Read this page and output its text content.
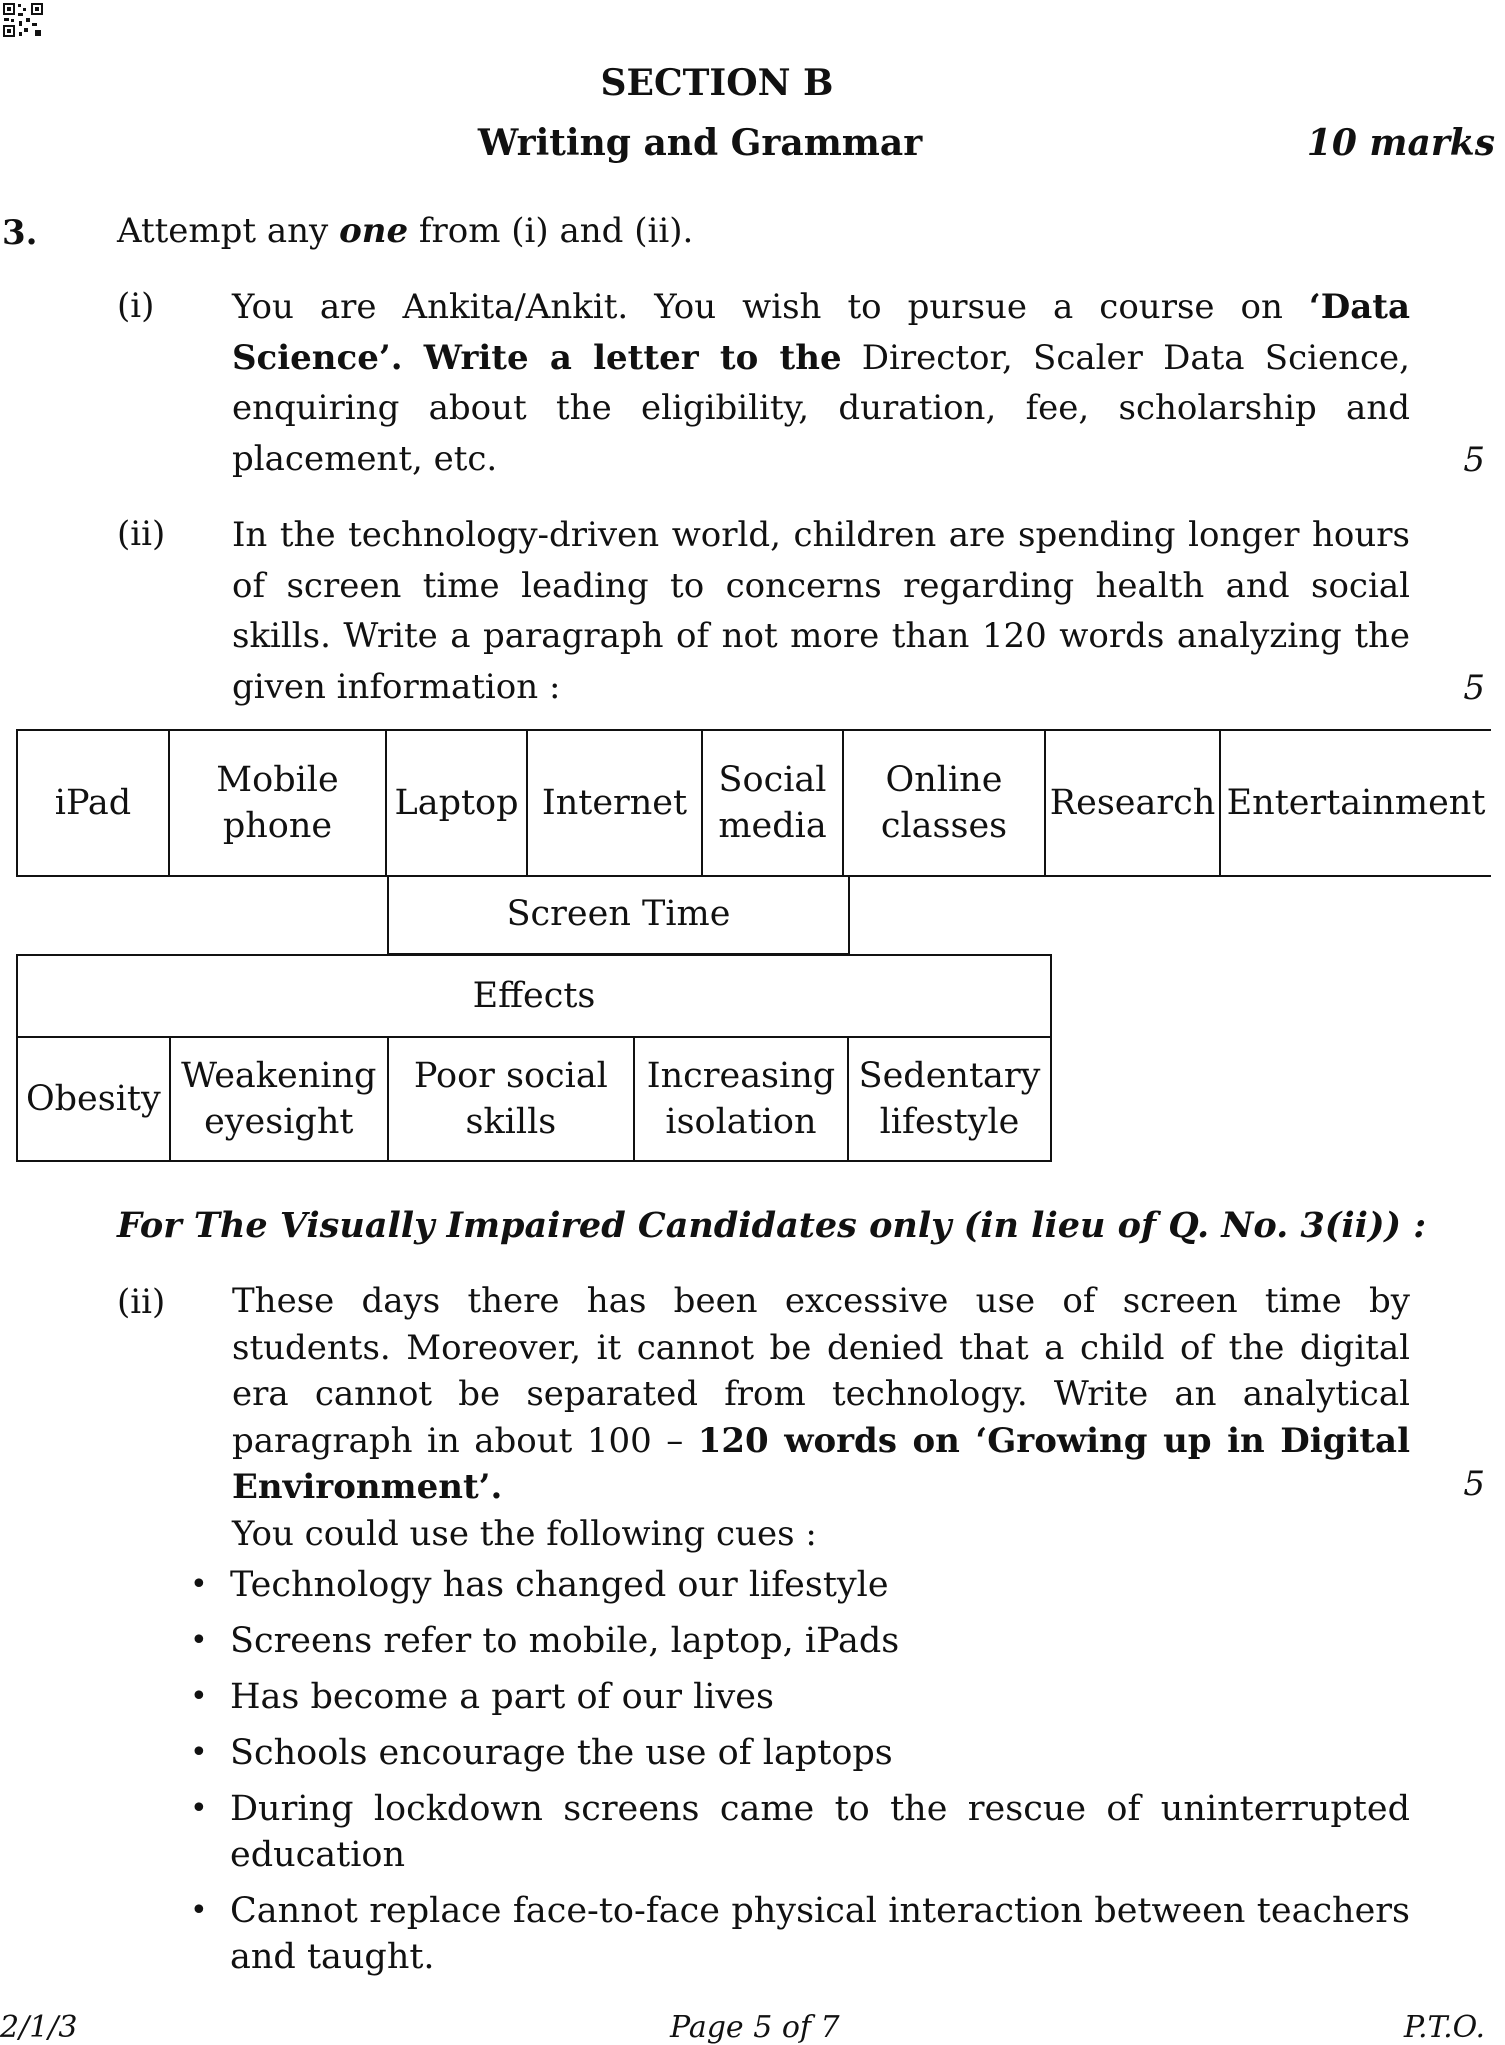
SECTION B
Writing and Grammar	10 marks
3. Attempt any one from (i) and (ii).
(i) You are Ankita/Ankit. You wish to pursue a course on ‘Data Science’. Write a letter to the Director, Scaler Data Science, enquiring about the eligibility, duration, fee, scholarship and placement, etc.	5
(ii) In the technology-driven world, children are spending longer hours of screen time leading to concerns regarding health and social skills. Write a paragraph of not more than 120 words analyzing the given information :	5
iPad	Mobile phone	Laptop	Internet	Social media	Online classes	Research	Entertainment
Screen Time
Effects
Obesity	Weakening eyesight	Poor social skills	Increasing isolation	Sedentary lifestyle
For The Visually Impaired Candidates only (in lieu of Q. No. 3(ii)) :
(ii) These days there has been excessive use of screen time by students. Moreover, it cannot be denied that a child of the digital era cannot be separated from technology. Write an analytical paragraph in about 100 – 120 words on ‘Growing up in Digital Environment’.	5
You could use the following cues :
• Technology has changed our lifestyle
• Screens refer to mobile, laptop, iPads
• Has become a part of our lives
• Schools encourage the use of laptops
• During lockdown screens came to the rescue of uninterrupted education
• Cannot replace face-to-face physical interaction between teachers and taught.
2/1/3	Page 5 of 7	P.T.O.
